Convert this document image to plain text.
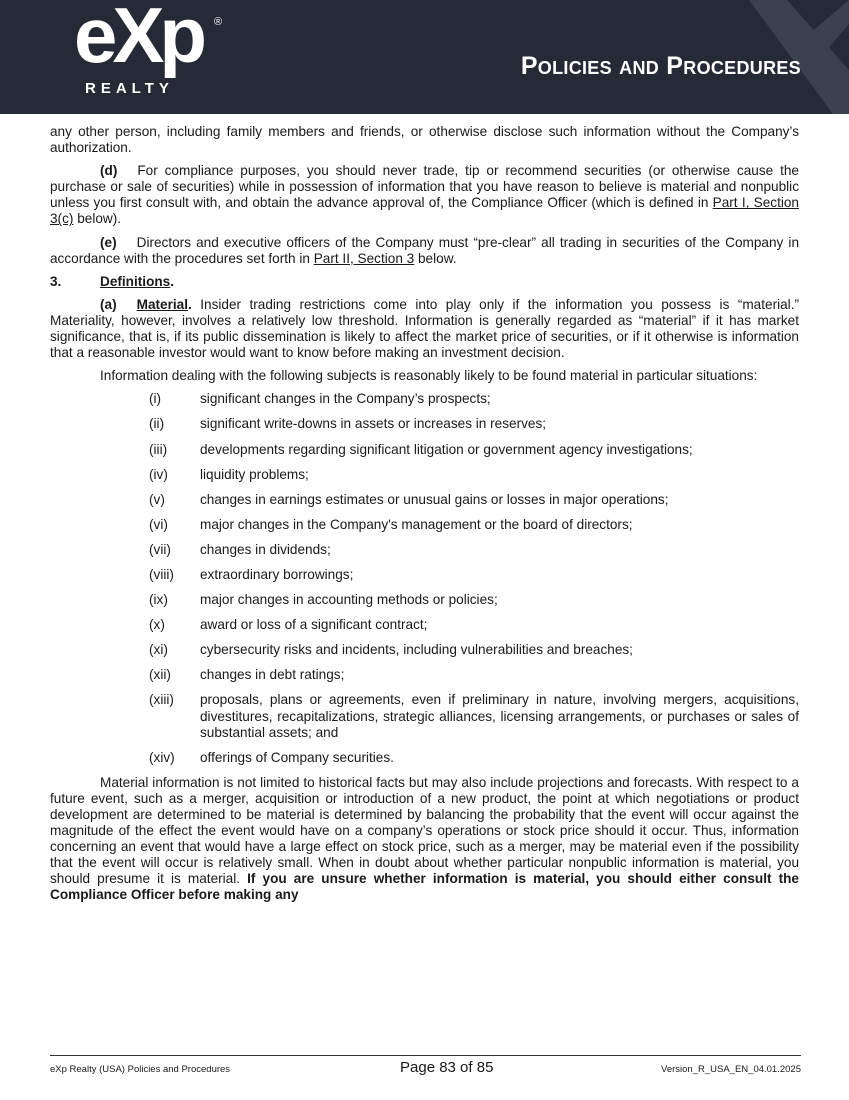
eXp ®
REALTY
Policies and Procedures

any other person, including family members and friends, or otherwise disclose such information without the Company’s authorization.

(d) For compliance purposes, you should never trade, tip or recommend securities (or otherwise cause the purchase or sale of securities) while in possession of information that you have reason to believe is material and nonpublic unless you first consult with, and obtain the advance approval of, the Compliance Officer (which is defined in Part I, Section 3(c) below).

(e) Directors and executive officers of the Company must “pre-clear” all trading in securities of the Company in accordance with the procedures set forth in Part II, Section 3 below.

3.	Definitions.

(a) Material. Insider trading restrictions come into play only if the information you possess is “material.” Materiality, however, involves a relatively low threshold. Information is generally regarded as “material” if it has market significance, that is, if its public dissemination is likely to affect the market price of securities, or if it otherwise is information that a reasonable investor would want to know before making an investment decision.

Information dealing with the following subjects is reasonably likely to be found material in particular situations:

(i)	significant changes in the Company’s prospects;
(ii)	significant write-downs in assets or increases in reserves;
(iii) developments regarding significant litigation or government agency investigations;
(iv) liquidity problems;
(v)	changes in earnings estimates or unusual gains or losses in major operations;
(vi) major changes in the Company's management or the board of directors;
(vii) changes in dividends;
(viii) extraordinary borrowings;
(ix) major changes in accounting methods or policies;
(x)	award or loss of a significant contract;
(xi) cybersecurity risks and incidents, including vulnerabilities and breaches;
(xii) changes in debt ratings;
(xiii) proposals, plans or agreements, even if preliminary in nature, involving mergers, acquisitions, divestitures, recapitalizations, strategic alliances, licensing arrangements, or purchases or sales of substantial assets; and
(xiv) offerings of Company securities.

Material information is not limited to historical facts but may also include projections and forecasts. With respect to a future event, such as a merger, acquisition or introduction of a new product, the point at which negotiations or product development are determined to be material is determined by balancing the probability that the event will occur against the magnitude of the effect the event would have on a company’s operations or stock price should it occur. Thus, information concerning an event that would have a large effect on stock price, such as a merger, may be material even if the possibility that the event will occur is relatively small. When in doubt about whether particular nonpublic information is material, you should presume it is material. If you are unsure whether information is material, you should either consult the Compliance Officer before making any

eXp Realty (USA) Policies and Procedures	Page 83 of 85	Version_R_USA_EN_04.01.2025
